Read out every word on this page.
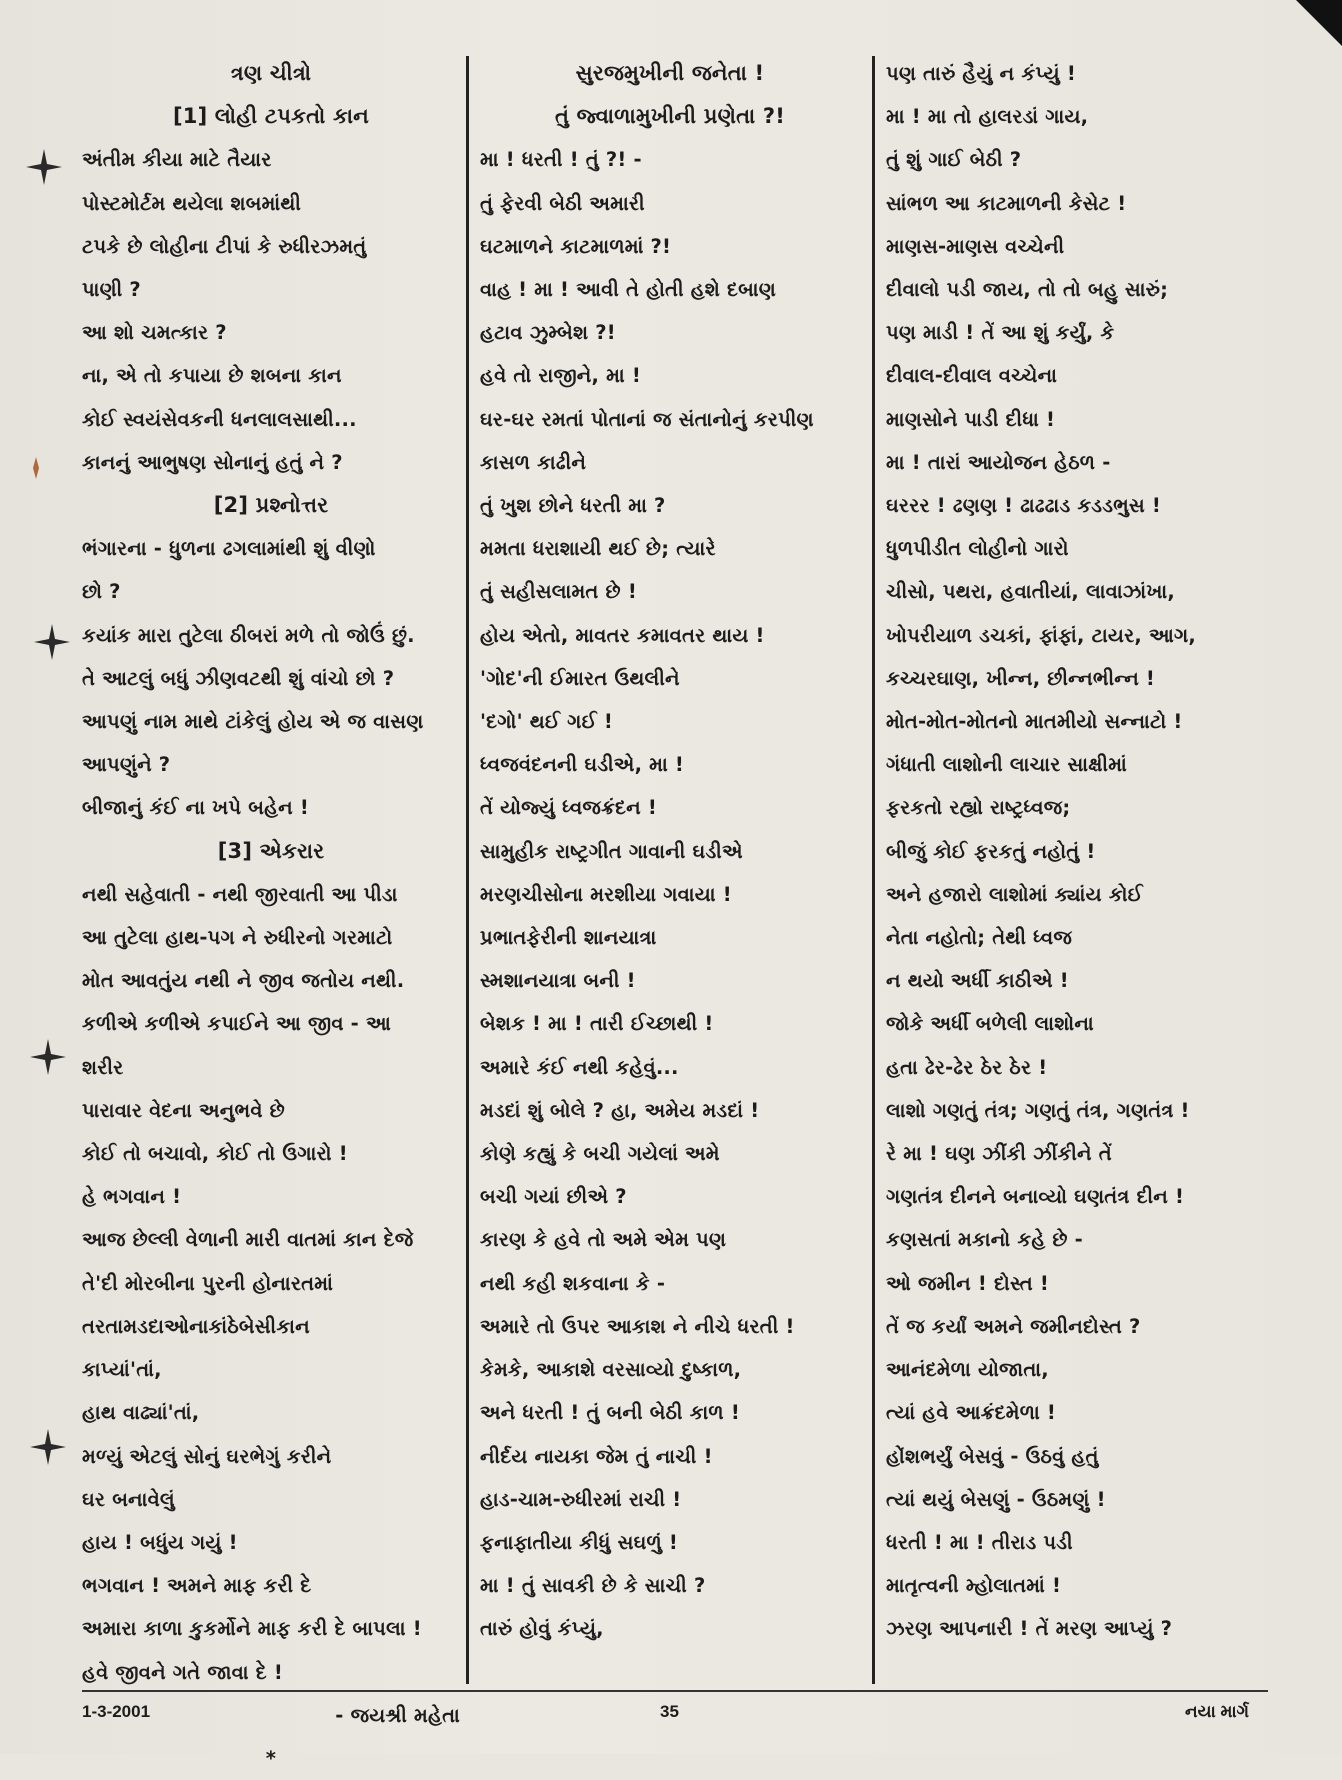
ત્રણ ચીત્રો
[1] લોહી ટપકતો કાન
અંતીમ કીયા માટે તૈયાર
પોસ્ટમોર્ટમ થયેલા શબમાંથી
ટપકે છે લોહીના ટીપાં કે રુધીરઝમતું
પાણી ?
આ શો ચમત્કાર ?
ના, એ તો કપાયા છે શબના કાન
કોઈ સ્વયંસેવકની ધનલાલસાથી...
કાનનું આભુષણ સોનાનું હતું ને ?
[2] પ્રશ્નોત્તર
ભંગારના - ધુળના ઢગલામાંથી શું વીણો
છો ?
કયાંક મારા તુટેલા ઠીબરાં મળે તો જોઉં છું.
તે આટલું બધું ઝીણવટથી શું વાંચો છો ?
આપણું નામ માથે ટાંકેલું હોય એ જ વાસણ
આપણુંને ?
બીજાનું કંઈ ના ખપે બહેન !
[3] એકરાર
નથી સહેવાતી - નથી જીરવાતી આ પીડા
આ તુટેલા હાથ-પગ ને રુધીરનો ગરમાટો
મોત આવતુંય નથી ને જીવ જતોય નથી.
કળીએ કળીએ કપાઈને આ જીવ - આ
શરીર
પારાવાર વેદના અનુભવે છે
કોઈ તો બચાવો, કોઈ તો ઉગારો !
હે ભગવાન !
આજ છેલ્લી વેળાની મારી વાતમાં કાન દેજે
તે'દી મોરબીના પુરની હોનારતમાં
તરતામડદાઓનાકાંઠેબેસીકાન
કાપ્યાં'તાં,
હાથ વાઢ્યાં'તાં,
મળ્યું એટલું સોનું ઘરભેગું કરીને
ઘર બનાવેલું
હાય ! બધુંય ગયું !
ભગવાન ! અમને માફ કરી દે
અમારા કાળા કુકર્મોને માફ કરી દે બાપલા !
હવે જીવને ગતે જાવા દે !
- જયશ્રી મહેતા
*
સુરજમુખીની જનેતા !
તું જ્વાળામુખીની પ્રણેતા ?!
મા ! ધરતી ! તું ?! -
તું ફેરવી બેઠી અમારી
ઘટમાળને કાટમાળમાં ?!
વાહ ! મા ! આવી તે હોતી હશે દબાણ
હટાવ ઝુમ્બેશ ?!
હવે તો રાજીને, મા !
ઘર-ઘર રમતાં પોતાનાં જ સંતાનોનું કરપીણ
કાસળ કાઢીને
તું ખુશ છોને ધરતી મા ?
મમતા ધરાશાયી થઈ છે; ત્યારે
તું સહીસલામત છે !
હોય એતો, માવતર કમાવતર થાય !
'ગોદ'ની ઈમારત ઉથલીને
'દગો' થઈ ગઈ !
ધ્વજવંદનની ઘડીએ, મા !
તેં યોજ્યું ધ્વજક્રંદન !
સામુહીક રાષ્ટ્રગીત ગાવાની ઘડીએ
મરણચીસોના મરશીયા ગવાયા !
પ્રભાતફેરીની શાનયાત્રા
સ્મશાનયાત્રા બની !
બેશક ! મા ! તારી ઈચ્છાથી !
અમારે કંઈ નથી કહેવું...
મડદાં શું બોલે ? હા, અમેય મડદાં !
કોણે કહ્યું કે બચી ગયેલાં અમે
બચી ગયાં છીએ ?
કારણ કે હવે તો અમે એમ પણ
નથી કહી શકવાના કે -
અમારે તો ઉપર આકાશ ને નીચે ધરતી !
કેમકે, આકાશે વરસાવ્યો દુષ્કાળ,
અને ધરતી ! તું બની બેઠી કાળ !
નીર્દય નાયકા જેમ તું નાચી !
હાડ-ચામ-રુધીરમાં રાચી !
ફનાફાતીયા કીધું સઘળું !
મા ! તું સાવકી છે કે સાચી ?
તારું હોવું કંપ્યું,
પણ તારું હૈયું ન કંપ્યું !
મા ! મા તો હાલરડાં ગાય,
તું શું ગાઈ બેઠી ?
સાંભળ આ કાટમાળની કેસેટ !
માણસ-માણસ વચ્ચેની
દીવાલો પડી જાય, તો તો બહુ સારું;
પણ માડી ! તેં આ શું કર્યું, કે
દીવાલ-દીવાલ વચ્ચેના
માણસોને પાડી દીધા !
મા ! તારાં આયોજન હેઠળ -
ઘરરર ! ઢણણ ! ઢાઢઢાડ કડડભુસ !
ધુળપીડીત લોહીનો ગારો
ચીસો, પથરા, હવાતીયાં, લાવાઝાંખા,
ખોપરીયાળ ડચકાં, ફાંફાં, ટાયર, આગ,
કચ્ચરઘાણ, ખીન્ન, છીન્નભીન્ન !
મોત-મોત-મોતનો માતમીયો સન્નાટો !
ગંધાતી લાશોની લાચાર સાક્ષીમાં
ફરકતો રહ્યો રાષ્ટ્રધ્વજ;
બીજું કોઈ ફરકતું નહોતું !
અને હજારો લાશોમાં ક્યાંય કોઈ
નેતા નહોતો; તેથી ધ્વજ
ન થયો અર્ધી કાઠીએ !
જોકે અર્ધી બળેલી લાશોના
હતા ઢેર-ઢેર ઠેર ઠેર !
લાશો ગણતું તંત્ર; ગણતું તંત્ર, ગણતંત્ર !
રે મા ! ઘણ ઝીંકી ઝીંકીને તેં
ગણતંત્ર દીનને બનાવ્યો ઘણતંત્ર દીન !
કણસતાં મકાનો કહે છે -
ઓ જમીન ! દોસ્ત !
તેં જ કર્યાં અમને જમીનદોસ્ત ?
આનંદમેળા યોજાતા,
ત્યાં હવે આક્રંદમેળા !
હોંશભર્યું બેસવું - ઉઠવું હતું
ત્યાં થયું બેસણું - ઉઠમણું !
ધરતી ! મા ! તીરાડ પડી
માતૃત્વની મ્હોલાતમાં !
ઝરણ આપનારી ! તેં મરણ આપ્યું ?
1-3-2001	35	નયા માર્ગ
